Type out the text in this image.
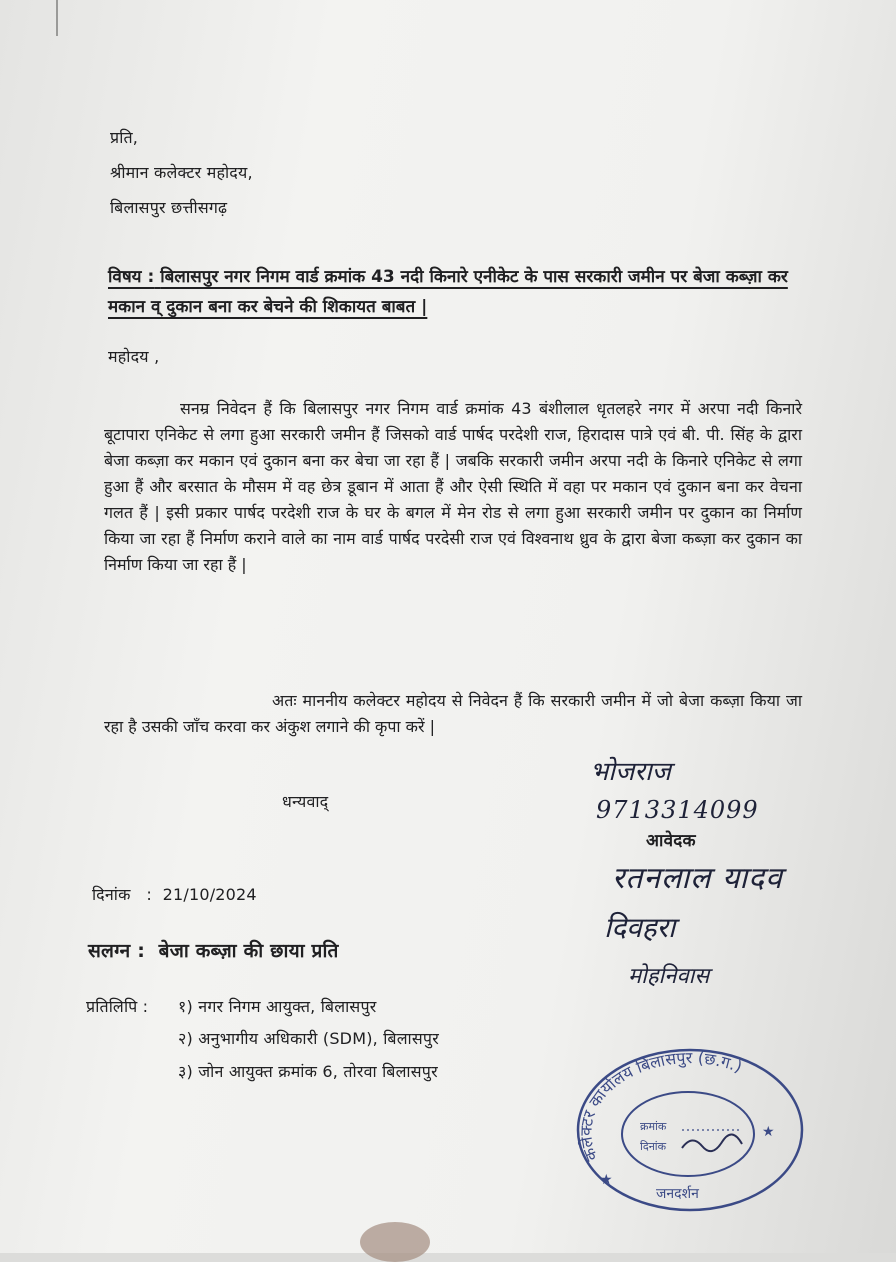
प्रति,
श्रीमान कलेक्टर महोदय,
बिलासपुर छत्तीसगढ़
विषय : बिलासपुर नगर निगम वार्ड क्रमांक 43 नदी किनारे एनीकेट के पास सरकारी जमीन पर बेजा कब्ज़ा कर मकान व् दुकान बना कर बेचने की शिकायत बाबत |
महोदय ,
सनम्र निवेदन हैं कि बिलासपुर नगर निगम वार्ड क्रमांक 43 बंशीलाल धृतलहरे नगर में अरपा नदी किनारे बूटापारा एनिकेट से लगा हुआ सरकारी जमीन हैं जिसको वार्ड पार्षद परदेशी राज, हिरादास पात्रे एवं बी. पी. सिंह के द्वारा बेजा कब्ज़ा कर मकान एवं दुकान बना कर बेचा जा रहा हैं | जबकि सरकारी जमीन अरपा नदी के किनारे एनिकेट से लगा हुआ हैं और बरसात के मौसम में वह छेत्र डूबान में आता हैं और ऐसी स्थिति में वहा पर मकान एवं दुकान बना कर वेचना गलत हैं | इसी प्रकार पार्षद परदेशी राज के घर के बगल में मेन रोड से लगा हुआ सरकारी जमीन पर दुकान का निर्माण किया जा रहा हैं निर्माण कराने वाले का नाम वार्ड पार्षद परदेसी राज एवं विश्वनाथ ध्रुव के द्वारा बेजा कब्ज़ा कर दुकान का निर्माण किया जा रहा हैं |
अतः माननीय कलेक्टर महोदय से निवेदन हैं कि सरकारी जमीन में जो बेजा कब्ज़ा किया जा रहा है उसकी जाँच करवा कर अंकुश लगाने की कृपा करें |
धन्यवाद्
भोजराज
9713314099
आवेदक
रतनलाल यादव
दिवहरा
मोहनिवास
दिनांक : 21/10/2024
सलग्न : बेजा कब्ज़ा की छाया प्रति
प्रतिलिपि : १) नगर निगम आयुक्त, बिलासपुर
२) अनुभागीय अधिकारी (SDM), बिलासपुर
३) जोन आयुक्त क्रमांक 6, तोरवा बिलासपुर
कलेक्टर कार्यालय बिलासपुर (छ.ग.)
क्रमांक
दिनांक
जनदर्शन
★
★
